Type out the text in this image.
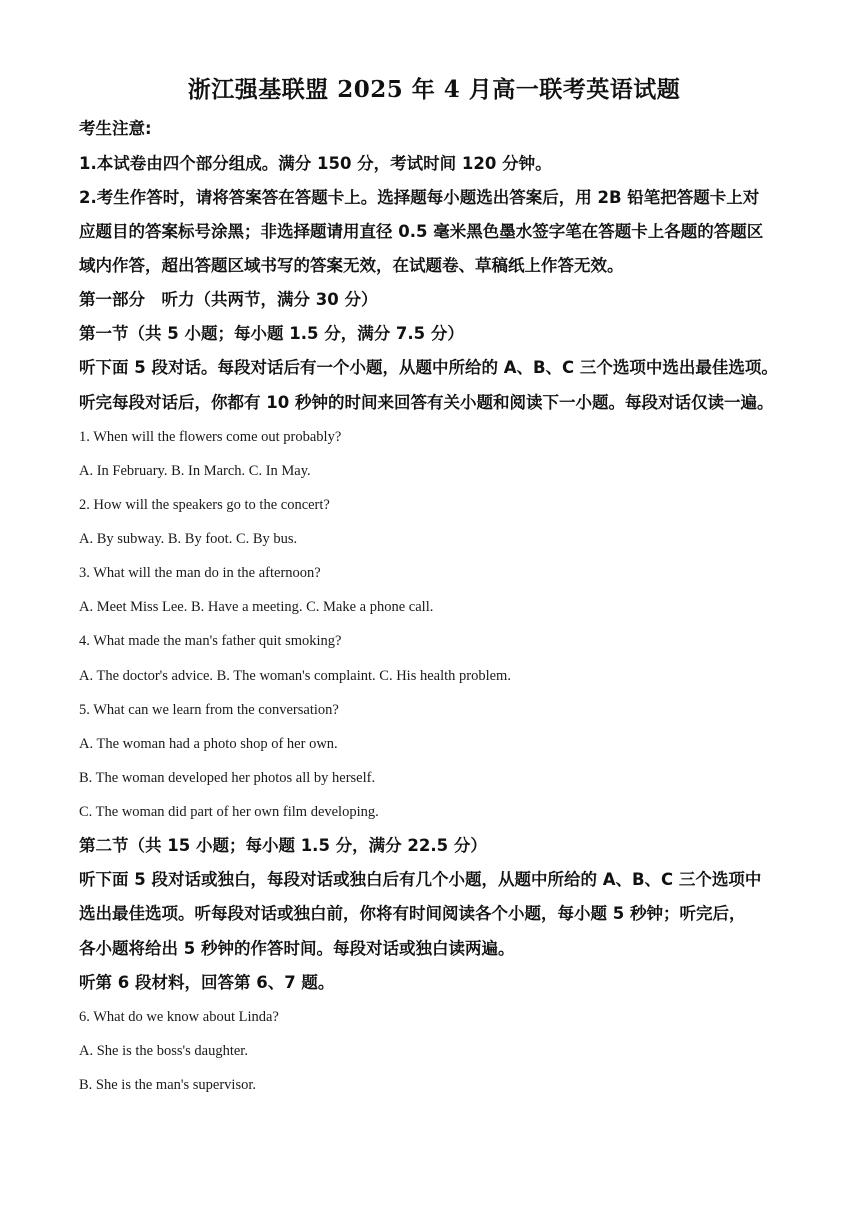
浙江强基联盟 2025 年 4 月高一联考英语试题
考生注意:
1.本试卷由四个部分组成。满分 150 分，考试时间 120 分钟。
2.考生作答时，请将答案答在答题卡上。选择题每小题选出答案后，用 2B 铅笔把答题卡上对
应题目的答案标号涂黑；非选择题请用直径 0.5 毫米黑色墨水签字笔在答题卡上各题的答题区
域内作答，超出答题区域书写的答案无效，在试题卷、草稿纸上作答无效。
第一部分　听力（共两节，满分 30 分）
第一节（共 5 小题；每小题 1.5 分，满分 7.5 分）
听下面 5 段对话。每段对话后有一个小题，从题中所给的 A、B、C 三个选项中选出最佳选项。
听完每段对话后，你都有 10 秒钟的时间来回答有关小题和阅读下一小题。每段对话仅读一遍。
1. When will the flowers come out probably?
A. In February. B. In March. C. In May.
2. How will the speakers go to the concert?
A. By subway. B. By foot. C. By bus.
3. What will the man do in the afternoon?
A. Meet Miss Lee. B. Have a meeting. C. Make a phone call.
4. What made the man's father quit smoking?
A. The doctor's advice. B. The woman's complaint. C. His health problem.
5. What can we learn from the conversation?
A. The woman had a photo shop of her own.
B. The woman developed her photos all by herself.
C. The woman did part of her own film developing.
第二节（共 15 小题；每小题 1.5 分，满分 22.5 分）
听下面 5 段对话或独白，每段对话或独白后有几个小题，从题中所给的 A、B、C 三个选项中
选出最佳选项。听每段对话或独白前，你将有时间阅读各个小题，每小题 5 秒钟；听完后，
各小题将给出 5 秒钟的作答时间。每段对话或独白读两遍。
听第 6 段材料，回答第 6、7 题。
6. What do we know about Linda?
A. She is the boss's daughter.
B. She is the man's supervisor.
